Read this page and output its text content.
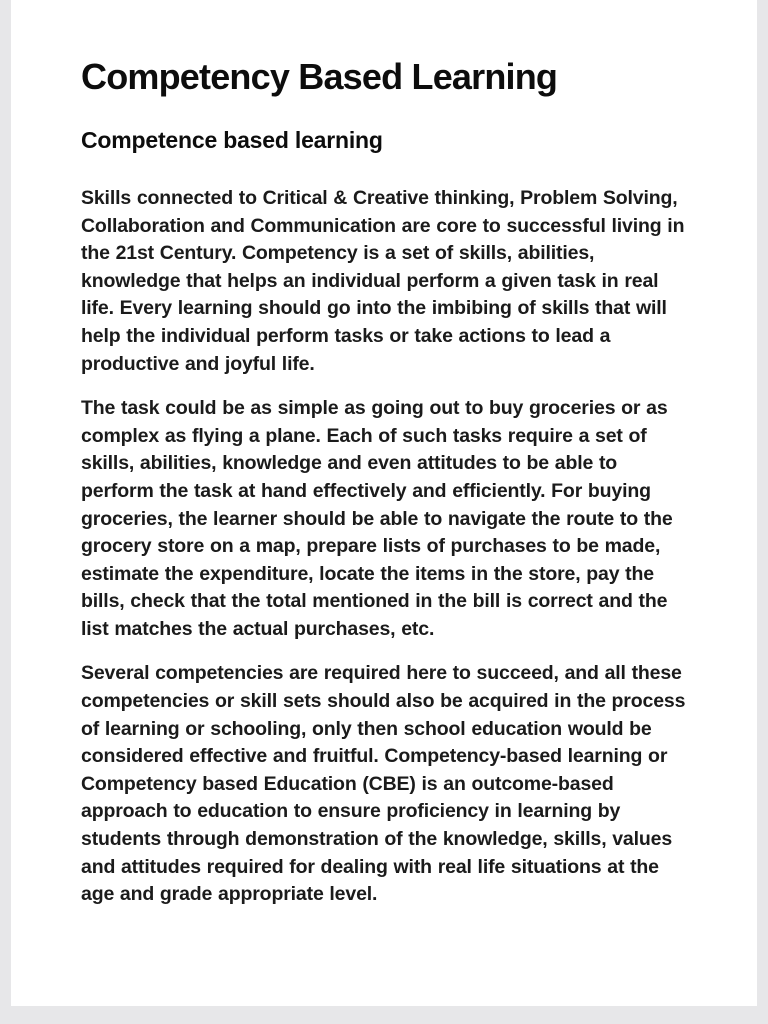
Competency Based Learning
Competence based learning

Skills connected to Critical & Creative thinking, Problem Solving, Collaboration and Communication are core to successful living in the 21st Century. Competency is a set of skills, abilities, knowledge that helps an individual perform a given task in real life. Every learning should go into the imbibing of skills that will help the individual perform tasks or take actions to lead a productive and joyful life.

The task could be as simple as going out to buy groceries or as complex as flying a plane. Each of such tasks require a set of skills, abilities, knowledge and even attitudes to be able to perform the task at hand effectively and efficiently. For buying groceries, the learner should be able to navigate the route to the grocery store on a map, prepare lists of purchases to be made, estimate the expenditure, locate the items in the store, pay the bills, check that the total mentioned in the bill is correct and the list matches the actual purchases, etc.

Several competencies are required here to succeed, and all these competencies or skill sets should also be acquired in the process of learning or schooling, only then school education would be considered effective and fruitful. Competency-based learning or Competency based Education (CBE) is an outcome-based approach to education to ensure proficiency in learning by students through demonstration of the knowledge, skills, values and attitudes required for dealing with real life situations at the age and grade appropriate level.
